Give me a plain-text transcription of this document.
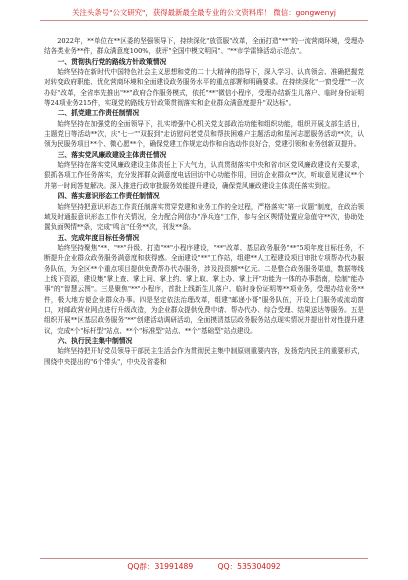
关注头条号"公文研究"，获得最新最全最专业的公文资料库！ 微信：gongwenyj

2022年，**单位在**区委的坚强领导下，持续深化"放管服"改革，全面打造"**"的一流营商环境，受理办结各类业务**件，群众满意度100%，获评"全国中模文明同"、"**市学雷锋活动示范点"。

一、贯彻执行党的路线方针政策情况

始终坚持在新时代中国特色社会主义思想和党的二十大精神的指导下，深入学习、认真领会、准确把握党对转变政府职能、优化营商环境和全面建设政务服务水平的重点部署和明确要求。在持续深化"一窗受理""一次办好"改革，全省率先推出"**"政府合作服务模式，依托"**"微信小程序，受理办结新生儿落户、临时身份证明等24项业务215件，实现党的路线方针政策贯彻落实和企业群众满意度提升"双达标"。

二、抓党建工作责任制情况

始终坚持在加强党的全面领导下，扎实增强中心机关党支部政治功能和组织功能，组织开展支部生活日，主题党日等活动**次，庆"七一""双报到"走访慰问老党员和帮扶困难户主题活动和星河志愿服务活动**次，认领为民服务项目**个、微心愿**个，确保党建工作规定动作和自选动作良好合，党建引领和业务创新双提升。

三、落实党风廉政建设主体责任情况

始终坚持在落实党风廉政建设主体责任上下大气力，认真贯彻落实中央和省市区党风廉政建设有关要求，狠抓各项工作任务落实，充分发挥群众满意度电话回访中心功能作用，回访企业群众**次，听取意见建议**个并第一时间答复解决。深入推进行政审批服务效能提升建设，确保党风廉政建设主体责任落实到位。

四、落实意识形态工作责任制情况

始终坚持把意识形态工作责任制落实贯穿党建和业务工作的全过程，严格落实"第一议题"制度，在政治领域及时通报意识形态工作有关情况，全力配合网信办"净兵连"工作，参与全区舆情处置应急值守**次，协助处置负面舆情**条，完成"鸣言"任务**次，刊发**条。

五、完成年度目标任务情况

始终坚持聚焦"**、"**"升级、打造"**"小程序建设，"**"改革、基层政务服务"**"5项年度目标任务，不断提升企业群众政务服务满意度和获得感。全面建设"**"工作站，组建**人工程建设项目审批专项帮办代办服务队伍，为全区**个重点项目提供免费帮办代办服务，涉及投资额**亿元。二是整合政务服务渠道，数据等线上线下资源，建设集"掌上查、掌上问、掌上约、掌上取、掌上办、掌上评"功能为一体的办事指南，绘制"能办事"的"智慧云图"。三是聚焦"**"小程序，首批上线新生儿落户、临时身份证明等**项业务，受理办结业务**件，极大地方便企业群众办事。四是坚定依法治理改革，组建"邮递小哥"服务队伍，开设上门服务或流动窗口，对邮政营业网点进行升级改造，为企业群众提供免费申请、帮办代办、综合受理、结果送达等服务。五是组织开展**区基层政务服务"**"创建活动调研活动，全面摸清基层政务服务站点现实情况并提出针对性提升建议，完成*个"标杆型"站点、**个"标准型"站点、**个"基础型"站点建设。

六、执行民主集中制情况

始终坚持把开好党员领导干部民主生活会作为贯彻民主集中制原则重要内容，发扬党内民主的重要形式，围绕中央提出的"6个带头"，中央及省委和

QQ群：31991489	QQ：535304092
